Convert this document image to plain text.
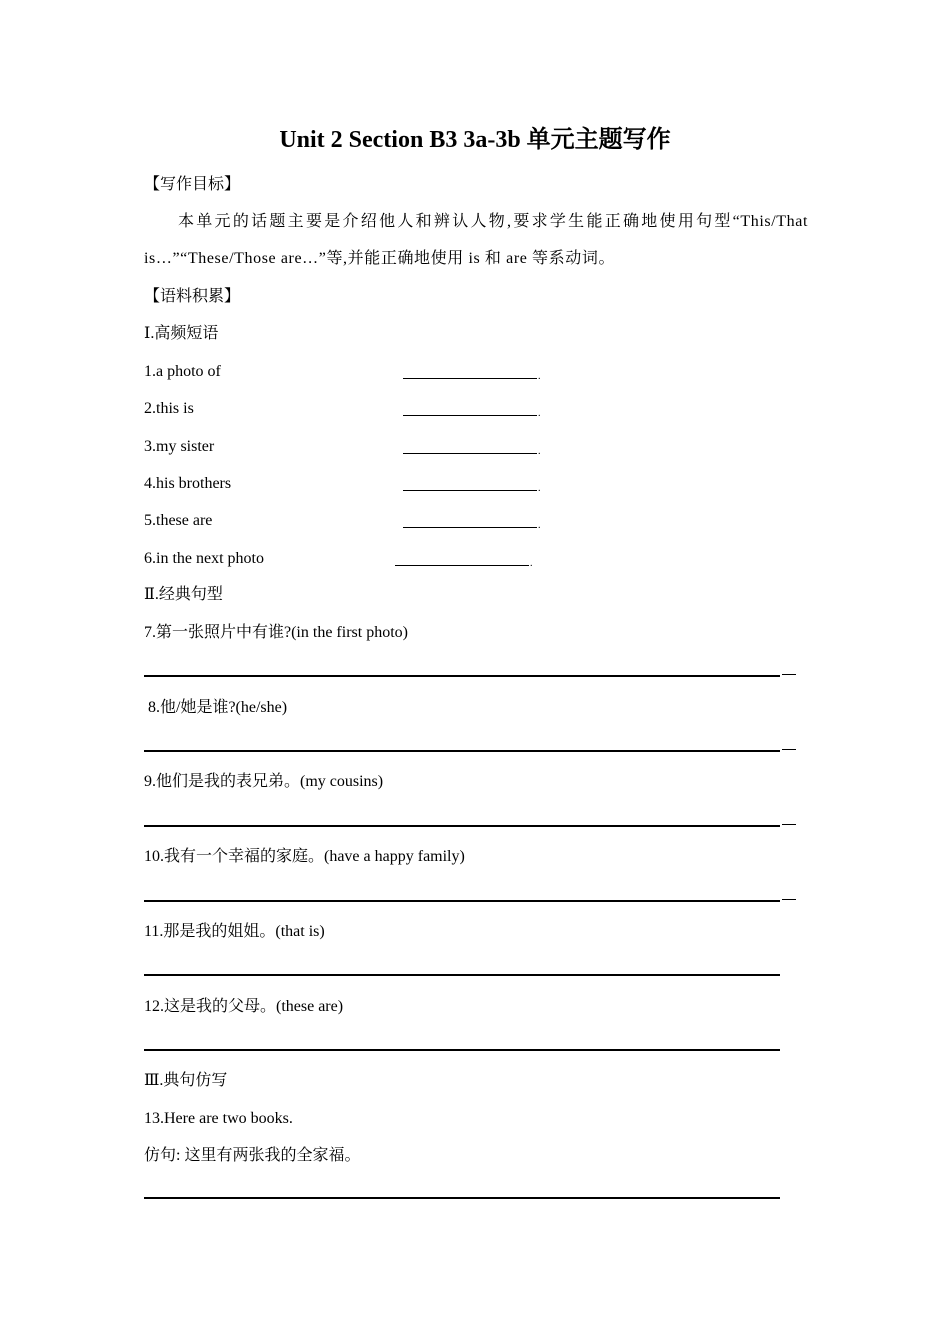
Unit 2 Section B3 3a-3b 单元主题写作
【写作目标】
本单元的话题主要是介绍他人和辨认人物,要求学生能正确地使用句型“This/That is…”“These/Those are…”等,并能正确地使用 is 和 are 等系动词。
【语料积累】
Ⅰ.高频短语
1.a photo of	.
2.this is	.
3.my sister	.
4.his brothers	.
5.these are	.
6.in the next photo	.
Ⅱ.经典句型
7.第一张照片中有谁?(in the first photo)
8.他/她是谁?(he/she)
9.他们是我的表兄弟。(my cousins)
10.我有一个幸福的家庭。(have a happy family)
11.那是我的姐姐。(that is)
12.这是我的父母。(these are)
Ⅲ.典句仿写
13.Here are two books.
仿句: 这里有两张我的全家福。
